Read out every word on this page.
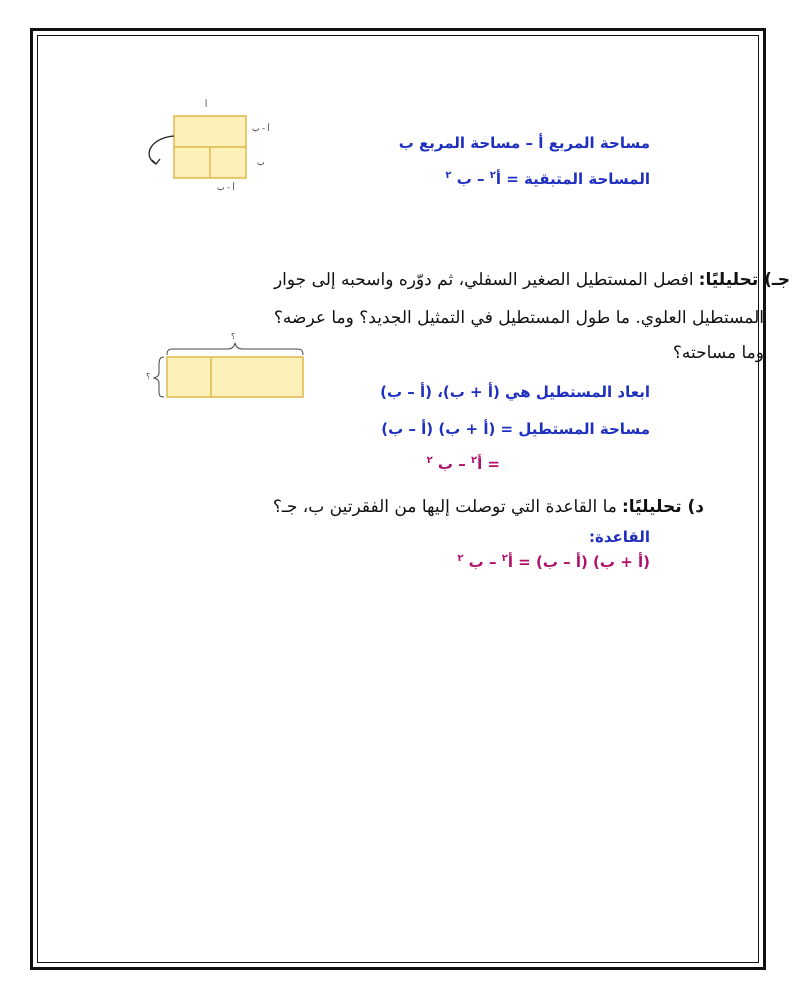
أ
أ - ب
ب
أ - ب
مساحة المربع أ – مساحة المربع ب
المساحة المتبقية = أ$^٢$ – ب $^٢$
جـ) تحليليًا: افصل المستطيل الصغير السفلي، ثم دوّره واسحبه إلى جوار
المستطيل العلوي. ما طول المستطيل في التمثيل الجديد؟ وما عرضه؟
وما مساحته؟
؟
؟
ابعاد المستطيل هي (أ + ب)، (أ – ب)
مساحة المستطيل = (أ + ب) (أ – ب)
= أ$^٢$ – ب $^٢$
د) تحليليًا: ما القاعدة التي توصلت إليها من الفقرتين ب، جـ؟
القاعدة:
(أ + ب) (أ – ب) = أ$^٢$ – ب $^٢$
